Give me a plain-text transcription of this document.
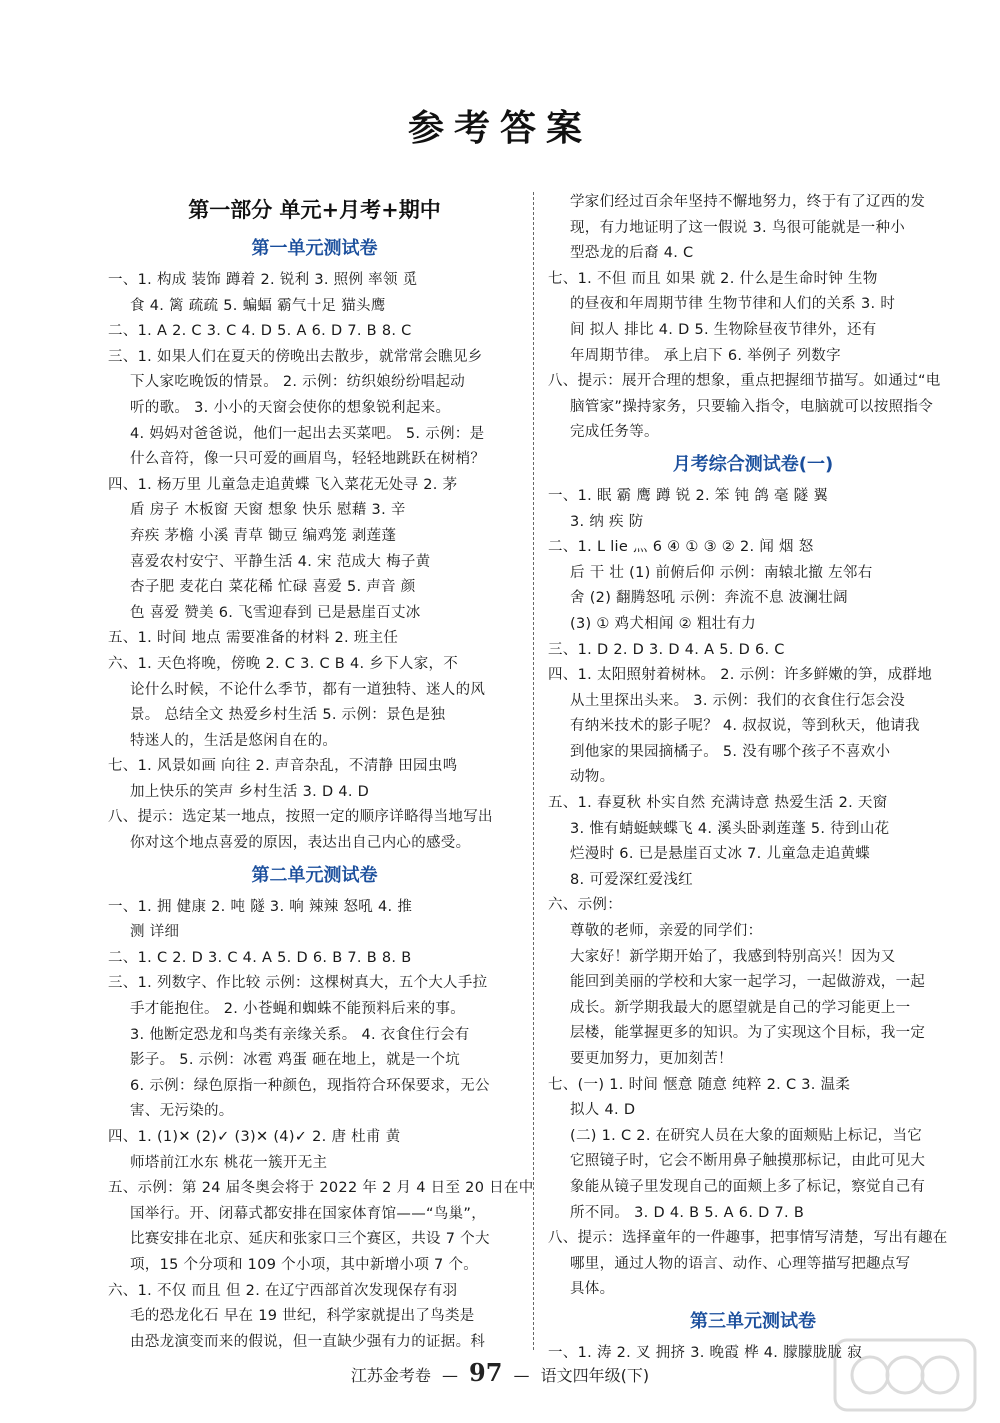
参考答案
第一部分 单元+月考+期中
第一单元测试卷
一、1. 构成 装饰 蹲着 2. 锐利 3. 照例 率领 觅
食 4. 篱 疏疏 5. 蝙蝠 霸气十足 猫头鹰
二、1. A 2. C 3. C 4. D 5. A 6. D 7. B 8. C
三、1. 如果人们在夏天的傍晚出去散步，就常常会瞧见乡
下人家吃晚饭的情景。 2. 示例：纺织娘纷纷唱起动
听的歌。 3. 小小的天窗会使你的想象锐利起来。
4. 妈妈对爸爸说，他们一起出去买菜吧。 5. 示例：是
什么音符，像一只可爱的画眉鸟，轻轻地跳跃在树梢？
四、1. 杨万里 儿童急走追黄蝶 飞入菜花无处寻 2. 茅
盾 房子 木板窗 天窗 想象 快乐 慰藉 3. 辛
弃疾 茅檐 小溪 青草 锄豆 编鸡笼 剥莲蓬
喜爱农村安宁、平静生活 4. 宋 范成大 梅子黄
杏子肥 麦花白 菜花稀 忙碌 喜爱 5. 声音 颜
色 喜爱 赞美 6. 飞雪迎春到 已是悬崖百丈冰
五、1. 时间 地点 需要准备的材料 2. 班主任
六、1. 天色将晚，傍晚 2. C 3. C B 4. 乡下人家，不
论什么时候，不论什么季节，都有一道独特、迷人的风
景。 总结全文 热爱乡村生活 5. 示例：景色是独
特迷人的，生活是悠闲自在的。
七、1. 风景如画 向往 2. 声音杂乱，不清静 田园虫鸣
加上快乐的笑声 乡村生活 3. D 4. D
八、提示：选定某一地点，按照一定的顺序详略得当地写出
你对这个地点喜爱的原因，表达出自己内心的感受。
第二单元测试卷
一、1. 拥 健康 2. 吨 隧 3. 响 辣辣 怒吼 4. 推
测 详细
二、1. C 2. D 3. C 4. A 5. D 6. B 7. B 8. B
三、1. 列数字、作比较 示例：这棵树真大，五个大人手拉
手才能抱住。 2. 小苍蝇和蜘蛛不能预料后来的事。
3. 他断定恐龙和鸟类有亲缘关系。 4. 衣食住行会有
影子。 5. 示例：冰雹 鸡蛋 砸在地上，就是一个坑
6. 示例：绿色原指一种颜色，现指符合环保要求，无公
害、无污染的。
四、1. (1)✕ (2)✓ (3)✕ (4)✓ 2. 唐 杜甫 黄
师塔前江水东 桃花一簇开无主
五、示例：第 24 届冬奥会将于 2022 年 2 月 4 日至 20 日在中
国举行。开、闭幕式都安排在国家体育馆——“鸟巢”，
比赛安排在北京、延庆和张家口三个赛区，共设 7 个大
项，15 个分项和 109 个小项，其中新增小项 7 个。
六、1. 不仅 而且 但 2. 在辽宁西部首次发现保存有羽
毛的恐龙化石 早在 19 世纪，科学家就提出了鸟类是
由恐龙演变而来的假说，但一直缺少强有力的证据。科
学家们经过百余年坚持不懈地努力，终于有了辽西的发
现，有力地证明了这一假说 3. 鸟很可能就是一种小
型恐龙的后裔 4. C
七、1. 不但 而且 如果 就 2. 什么是生命时钟 生物
的昼夜和年周期节律 生物节律和人们的关系 3. 时
间 拟人 排比 4. D 5. 生物除昼夜节律外，还有
年周期节律。 承上启下 6. 举例子 列数字
八、提示：展开合理的想象，重点把握细节描写。如通过“电
脑管家”操持家务，只要输入指令，电脑就可以按照指令
完成任务等。
月考综合测试卷(一)
一、1. 眠 霸 鹰 蹲 锐 2. 笨 钝 鸽 毫 隧 翼
3. 纳 疾 防
二、1. L lie 灬 6 ④ ① ③ ② 2. 闻 烟 怒
后 干 壮 (1) 前俯后仰 示例：南辕北撤 左邻右
舍 (2) 翻腾怒吼 示例：奔流不息 波澜壮阔
(3) ① 鸡犬相闻 ② 粗壮有力
三、1. D 2. D 3. D 4. A 5. D 6. C
四、1. 太阳照射着树林。 2. 示例：许多鲜嫩的笋，成群地
从土里探出头来。 3. 示例：我们的衣食住行怎会没
有纳米技术的影子呢？ 4. 叔叔说，等到秋天，他请我
到他家的果园摘橘子。 5. 没有哪个孩子不喜欢小
动物。
五、1. 春夏秋 朴实自然 充满诗意 热爱生活 2. 天窗
3. 惟有蜻蜓蛱蝶飞 4. 溪头卧剥莲蓬 5. 待到山花
烂漫时 6. 已是悬崖百丈冰 7. 儿童急走追黄蝶
8. 可爱深红爱浅红
六、示例：
尊敬的老师，亲爱的同学们：
大家好！新学期开始了，我感到特别高兴！因为又
能回到美丽的学校和大家一起学习，一起做游戏，一起
成长。新学期我最大的愿望就是自己的学习能更上一
层楼，能掌握更多的知识。为了实现这个目标，我一定
要更加努力，更加刻苦！
七、(一) 1. 时间 惬意 随意 纯粹 2. C 3. 温柔
拟人 4. D
(二) 1. C 2. 在研究人员在大象的面颊贴上标记，当它
它照镜子时，它会不断用鼻子触摸那标记，由此可见大
象能从镜子里发现自己的面颊上多了标记，察觉自己有
所不同。 3. D 4. B 5. A 6. D 7. B
八、提示：选择童年的一件趣事，把事情写清楚，写出有趣在
哪里，通过人物的语言、动作、心理等描写把趣点写
具体。
第三单元测试卷
一、1. 涛 2. 叉 拥挤 3. 晚霞 桦 4. 朦朦胧胧 寂
江苏金考卷 — 97 — 语文四年级(下)
